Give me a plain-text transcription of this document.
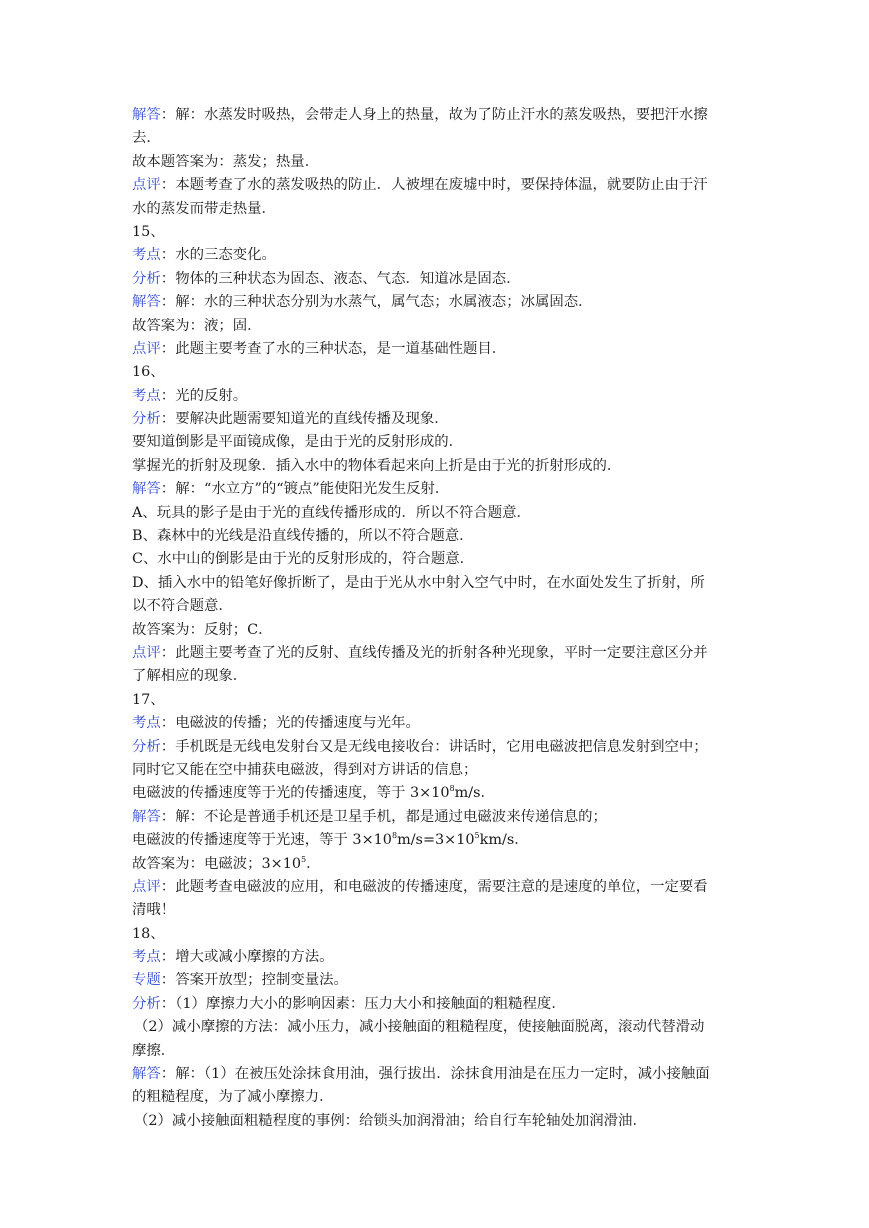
解答：解：水蒸发时吸热，会带走人身上的热量，故为了防止汗水的蒸发吸热，要把汗水擦
去．
故本题答案为：蒸发；热量．
点评：本题考查了水的蒸发吸热的防止．人被埋在废墟中时，要保持体温，就要防止由于汗
水的蒸发而带走热量．
15、
考点：水的三态变化。
分析：物体的三种状态为固态、液态、气态．知道冰是固态．
解答：解：水的三种状态分别为水蒸气，属气态；水属液态；冰属固态．
故答案为：液；固．
点评：此题主要考查了水的三种状态，是一道基础性题目．
16、
考点：光的反射。
分析：要解决此题需要知道光的直线传播及现象．
要知道倒影是平面镜成像，是由于光的反射形成的．
掌握光的折射及现象．插入水中的物体看起来向上折是由于光的折射形成的．
解答：解：“水立方”的“镀点”能使阳光发生反射．
A、玩具的影子是由于光的直线传播形成的．所以不符合题意．
B、森林中的光线是沿直线传播的，所以不符合题意．
C、水中山的倒影是由于光的反射形成的，符合题意．
D、插入水中的铅笔好像折断了，是由于光从水中射入空气中时，在水面处发生了折射，所
以不符合题意．
故答案为：反射；C．
点评：此题主要考查了光的反射、直线传播及光的折射各种光现象，平时一定要注意区分并
了解相应的现象．
17、
考点：电磁波的传播；光的传播速度与光年。
分析：手机既是无线电发射台又是无线电接收台：讲话时，它用电磁波把信息发射到空中；
同时它又能在空中捕获电磁波，得到对方讲话的信息；
电磁波的传播速度等于光的传播速度，等于 $3\times 10^8m/s$．
解答：解：不论是普通手机还是卫星手机，都是通过电磁波来传递信息的；
电磁波的传播速度等于光速，等于 $3\times 10^8m/s=3\times 10^5km/s$．
故答案为：电磁波；$3\times 10^5$．
点评：此题考查电磁波的应用，和电磁波的传播速度，需要注意的是速度的单位，一定要看
清哦！
18、
考点：增大或减小摩擦的方法。
专题：答案开放型；控制变量法。
分析：（1）摩擦力大小的影响因素：压力大小和接触面的粗糙程度．
（2）减小摩擦的方法：减小压力，减小接触面的粗糙程度，使接触面脱离，滚动代替滑动
摩擦．
解答：解：（1）在被压处涂抹食用油，强行拔出．涂抹食用油是在压力一定时，减小接触面
的粗糙程度，为了减小摩擦力．
（2）减小接触面粗糙程度的事例：给锁头加润滑油；给自行车轮轴处加润滑油．
